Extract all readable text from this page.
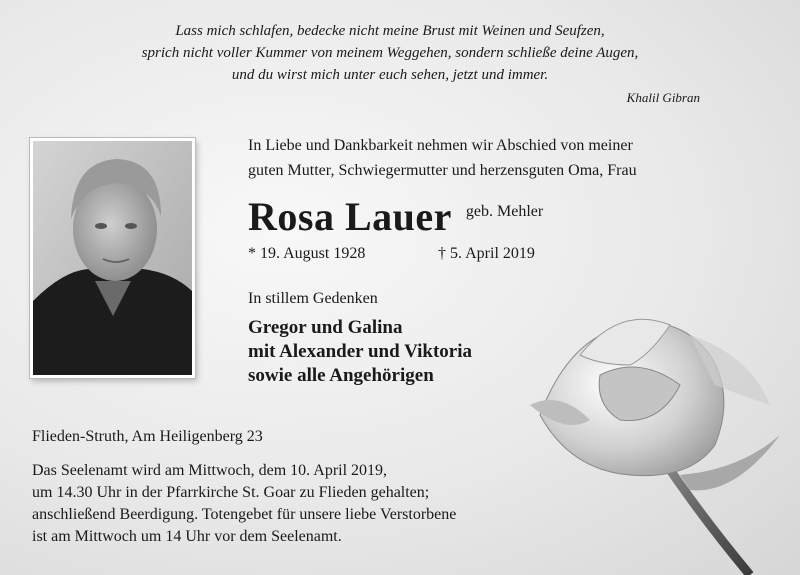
Lass mich schlafen, bedecke nicht meine Brust mit Weinen und Seufzen,
sprich nicht voller Kummer von meinem Weggehen, sondern schließe deine Augen,
und du wirst mich unter euch sehen, jetzt und immer.
Khalil Gibran
In Liebe und Dankbarkeit nehmen wir Abschied von meiner
guten Mutter, Schwiegermutter und herzensguten Oma, Frau
Rosa Lauer geb. Mehler
* 19. August 1928	† 5. April 2019
In stillem Gedenken
Gregor und Galina
mit Alexander und Viktoria
sowie alle Angehörigen
Flieden-Struth, Am Heiligenberg 23
Das Seelenamt wird am Mittwoch, dem 10. April 2019,
um 14.30 Uhr in der Pfarrkirche St. Goar zu Flieden gehalten;
anschließend Beerdigung. Totengebet für unsere liebe Verstorbene
ist am Mittwoch um 14 Uhr vor dem Seelenamt.
